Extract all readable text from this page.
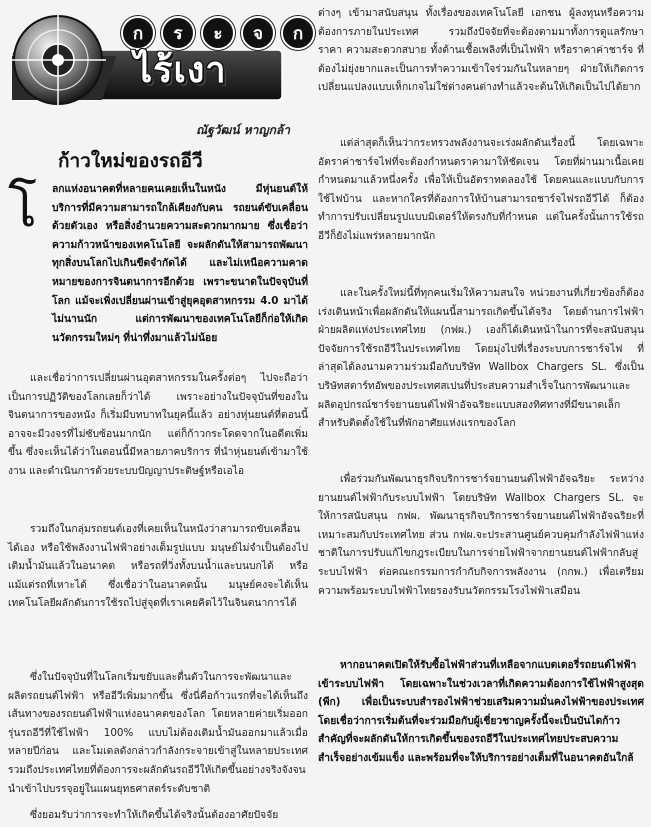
ก	ร	ะ	จ	ก
ไร้เงา
ณัฐวัฒน์ หาญกล้า
ก้าวใหม่ของรถอีวี
โ	ลกแห่งอนาคตที่หลายคนเคยเห็นในหนัง มีหุ่นยนต์ให้บริการที่มีความสามารถใกล้เคียงกับคน รถยนต์ขับเคลื่อนด้วยตัวเอง หรือสิ่งอำนวยความสะดวกมากมาย ซึ่งเชื่อว่าความก้าวหน้าของเทคโนโลยี จะผลักดันให้สามารถพัฒนาทุกสิ่งบนโลกไปเกินขีดจำกัดได้ และไม่เหนือความคาดหมายของการจินตนาการอีกด้วย เพราะขนาดในปัจจุบันที่โลก แม้จะเพิ่งเปลี่ยนผ่านเข้าสู่ยุคอุตสาหกรรม 4.0 มาได้ไม่นานนัก แต่การพัฒนาของเทคโนโลยีก็ก่อให้เกิดนวัตกรรมใหม่ๆ ที่น่าทึ่งมาแล้วไม่น้อย

และเชื่อว่าการเปลี่ยนผ่านอุตสาหกรรมในครั้งต่อๆ ไปจะถือว่าเป็นการปฏิวัติของโลกเลยก็ว่าได้ เพราะอย่างในปัจจุบันที่ของในจินตนาการของหนัง ก็เริ่มมีบทบาทในยุคนี้แล้ว อย่างหุ่นยนต์ที่ตอนนี้อาจจะมีวงจรที่ไม่ซับซ้อนมากนัก แต่ก็ก้าวกระโดดจากในอดีตเพิ่มขึ้น ซึ่งจะเห็นได้ว่าในตอนนี้มีหลายภาคบริการ ที่นำหุ่นยนต์เข้ามาใช้งาน และดำเนินการด้วยระบบปัญญาประดิษฐ์หรือเอไอ

รวมถึงในกลุ่มรถยนต์เองที่เคยเห็นในหนังว่าสามารถขับเคลื่อนได้เอง หรือใช้พลังงานไฟฟ้าอย่างเต็มรูปแบบ มนุษย์ไม่จำเป็นต้องไปเติมน้ำมันแล้วในอนาคต หรือรถที่วิ่งทั้งบนน้ำและบนบกได้ หรือแม้แต่รถที่เหาะได้ ซึ่งเชื่อว่าในอนาคตนั้น มนุษย์คงจะได้เห็นเทคโนโลยีผลักดันการใช้รถไปสู่จุดที่เราเคยคิดไว้ในจินตนาการได้

ซึ่งในปัจจุบันที่ในโลกเริ่มขยับและตื่นตัวในการจะพัฒนาและผลิตรถยนต์ไฟฟ้า หรืออีวีเพิ่มมากขึ้น ซึ่งนี่คือก้าวแรกที่จะได้เห็นถึงเส้นทางของรถยนต์ไฟฟ้าแห่งอนาคตของโลก โดยหลายค่ายเริ่มออกรุ่นรถอีวีที่ใช้ไฟฟ้า 100% แบบไม่ต้องเติมน้ำมันออกมาแล้วเมื่อหลายปีก่อน และโมเดลดังกล่าวกำลังกระจายเข้าสู่ในหลายประเทศ รวมถึงประเทศไทยที่ต้องการจะผลักดันรถอีวีให้เกิดขึ้นอย่างจริงจังจนนำเข้าไปบรรจุอยู่ในแผนยุทธศาสตร์ระดับชาติ

ซึ่งยอมรับว่าการจะทำให้เกิดขึ้นได้จริงนั้นต้องอาศัยปัจจัย

ต่างๆ เข้ามาสนับสนุน ทั้งเรื่องของเทคโนโลยี เอกชน ผู้ลงทุนหรือความต้องการภายในประเทศ รวมถึงปัจจัยที่จะต้องตามมาทั้งการดูแลรักษา ราคา ความสะดวกสบาย ทั้งด้านเชื้อเพลิงที่เป็นไฟฟ้า หรือราคาค่าชาร์จ ที่ต้องไม่ยุ่งยากและเป็นการทำความเข้าใจร่วมกันในหลายๆ ฝ่ายให้เกิดการเปลี่ยนแปลงแบบเห็กเกจไม่ใช่ต่างคนต่างทำแล้วจะต้นให้เกิดเป็นไปได้ยาก

แต่ล่าสุดก็เห็นว่ากระทรวงพลังงานจะเร่งผลักดันเรื่องนี้ โดยเฉพาะอัตราค่าชาร์จไฟที่จะต้องกำหนดราคามาให้ชัดเจน โดยที่ผ่านมาเนื้อเคยกำหนดมาแล้วหนึ่งครั้ง เพื่อให้เป็นอัตราทดลองใช้ โดยคนและแบบกับการใช้ไฟบ้าน และหากใครที่ต้องการให้บ้านสามารถชาร์จไฟรถอีวีได้ ก็ต้องทำการปรับเปลี่ยนรูปแบบมิเตอร์ให้ตรงกับที่กำหนด แต่ในครั้งนั้นการใช้รถอีวีก็ยังไม่แพร่หลายมากนัก

และในครั้งใหม่นี้ที่ทุกคนเริ่มให้ความสนใจ หน่วยงานที่เกี่ยวข้องก็ต้องเร่งเดินหน้าเพื่อผลักดันให้แผนนี้สามารถเกิดขึ้นได้จริง โดยด้านการไฟฟ้าฝ่ายผลิตแห่งประเทศไทย (กฟผ.) เองก็ได้เดินหน้าในการที่จะสนับสนุนปัจจัยการใช้รถอีวีในประเทศไทย โดยมุ่งไปที่เรื่องระบบการชาร์จไฟ ที่ล่าสุดได้ลงนามความร่วมมือกับบริษัท Wallbox Chargers SL. ซึ่งเป็นบริษัทสตาร์ทอัพของประเทศสเปนที่ประสบความสำเร็จในการพัฒนาและผลิตอุปกรณ์ชาร์จยานยนต์ไฟฟ้าอัจฉริยะแบบสองทิศทางที่มีขนาดเล็กสำหรับติดตั้งใช้ในที่พักอาศัยแห่งแรกของโลก

เพื่อร่วมกันพัฒนาธุรกิจบริการชาร์จยานยนต์ไฟฟ้าอัจฉริยะ ระหว่างยานยนต์ไฟฟ้ากับระบบไฟฟ้า โดยบริษัท Wallbox Chargers SL. จะให้การสนับสนุน กฟผ. พัฒนาธุรกิจบริการชาร์จยานยนต์ไฟฟ้าอัจฉริยะที่เหมาะสมกับประเทศไทย ส่วน กฟผ.จะประสานศูนย์ควบคุมกำลังไฟฟ้าแห่งชาติในการปรับแก้ไขกฎระเบียบในการจ่ายไฟฟ้าจากยานยนต์ไฟฟ้ากลับสู่ระบบไฟฟ้า ต่อคณะกรรมการกำกับกิจการพลังงาน (กกพ.) เพื่อเตรียมความพร้อมระบบไฟฟ้าไทยรองรับนวัตกรรมโรงไฟฟ้าเสมือน

หากอนาคตเปิดให้รับซื้อไฟฟ้าส่วนที่เหลือจากแบตเตอรี่รถยนต์ไฟฟ้าเข้าระบบไฟฟ้า โดยเฉพาะในช่วงเวลาที่เกิดความต้องการใช้ไฟฟ้าสูงสุด (พีก) เพื่อเป็นระบบสำรองไฟฟ้าช่วยเสริมความมั่นคงไฟฟ้าของประเทศ โดยเชื่อว่าการเริ่มต้นที่จะร่วมมือกับผู้เชี่ยวชาญครั้งนี้จะเป็นบันไดก้าวสำคัญที่จะผลักดันให้การเกิดขึ้นของรถอีวีในประเทศไทยประสบความสำเร็จอย่างเข้มแข็ง และพร้อมที่จะให้บริการอย่างเต็มที่ในอนาคตอันใกล้
